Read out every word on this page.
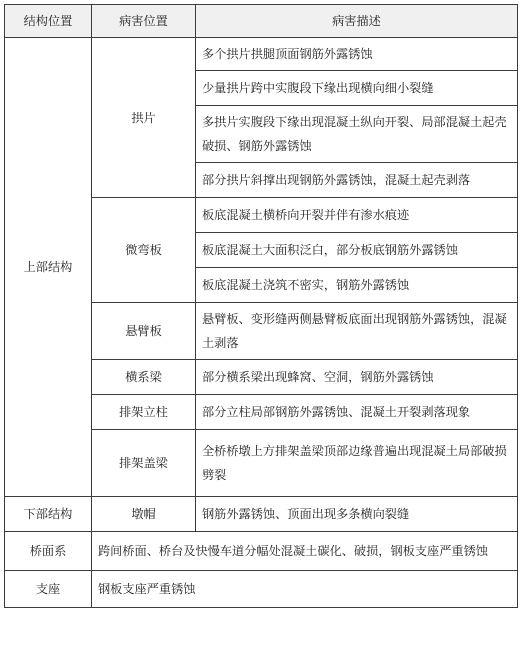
结构位置	病害位置	病害描述
上部结构	拱片	多个拱片拱腿顶面钢筋外露锈蚀
		少量拱片跨中实腹段下缘出现横向细小裂缝
		多拱片实腹段下缘出现混凝土纵向开裂、局部混凝土起壳破损、钢筋外露锈蚀
		部分拱片斜撑出现钢筋外露锈蚀，混凝土起壳剥落
	微弯板	板底混凝土横桥向开裂并伴有渗水痕迹
		板底混凝土大面积泛白，部分板底钢筋外露锈蚀
		板底混凝土浇筑不密实，钢筋外露锈蚀
	悬臂板	悬臂板、变形缝两侧悬臂板底面出现钢筋外露锈蚀，混凝土剥落
	横系梁	部分横系梁出现蜂窝、空洞，钢筋外露锈蚀
	排架立柱	部分立柱局部钢筋外露锈蚀、混凝土开裂剥落现象
	排架盖梁	全桥桥墩上方排架盖梁顶部边缘普遍出现混凝土局部破损劈裂
下部结构	墩帽	钢筋外露锈蚀、顶面出现多条横向裂缝
桥面系	跨间桥面、桥台及快慢车道分幅处混凝土碳化、破损，钢板支座严重锈蚀	
支座	钢板支座严重锈蚀	
